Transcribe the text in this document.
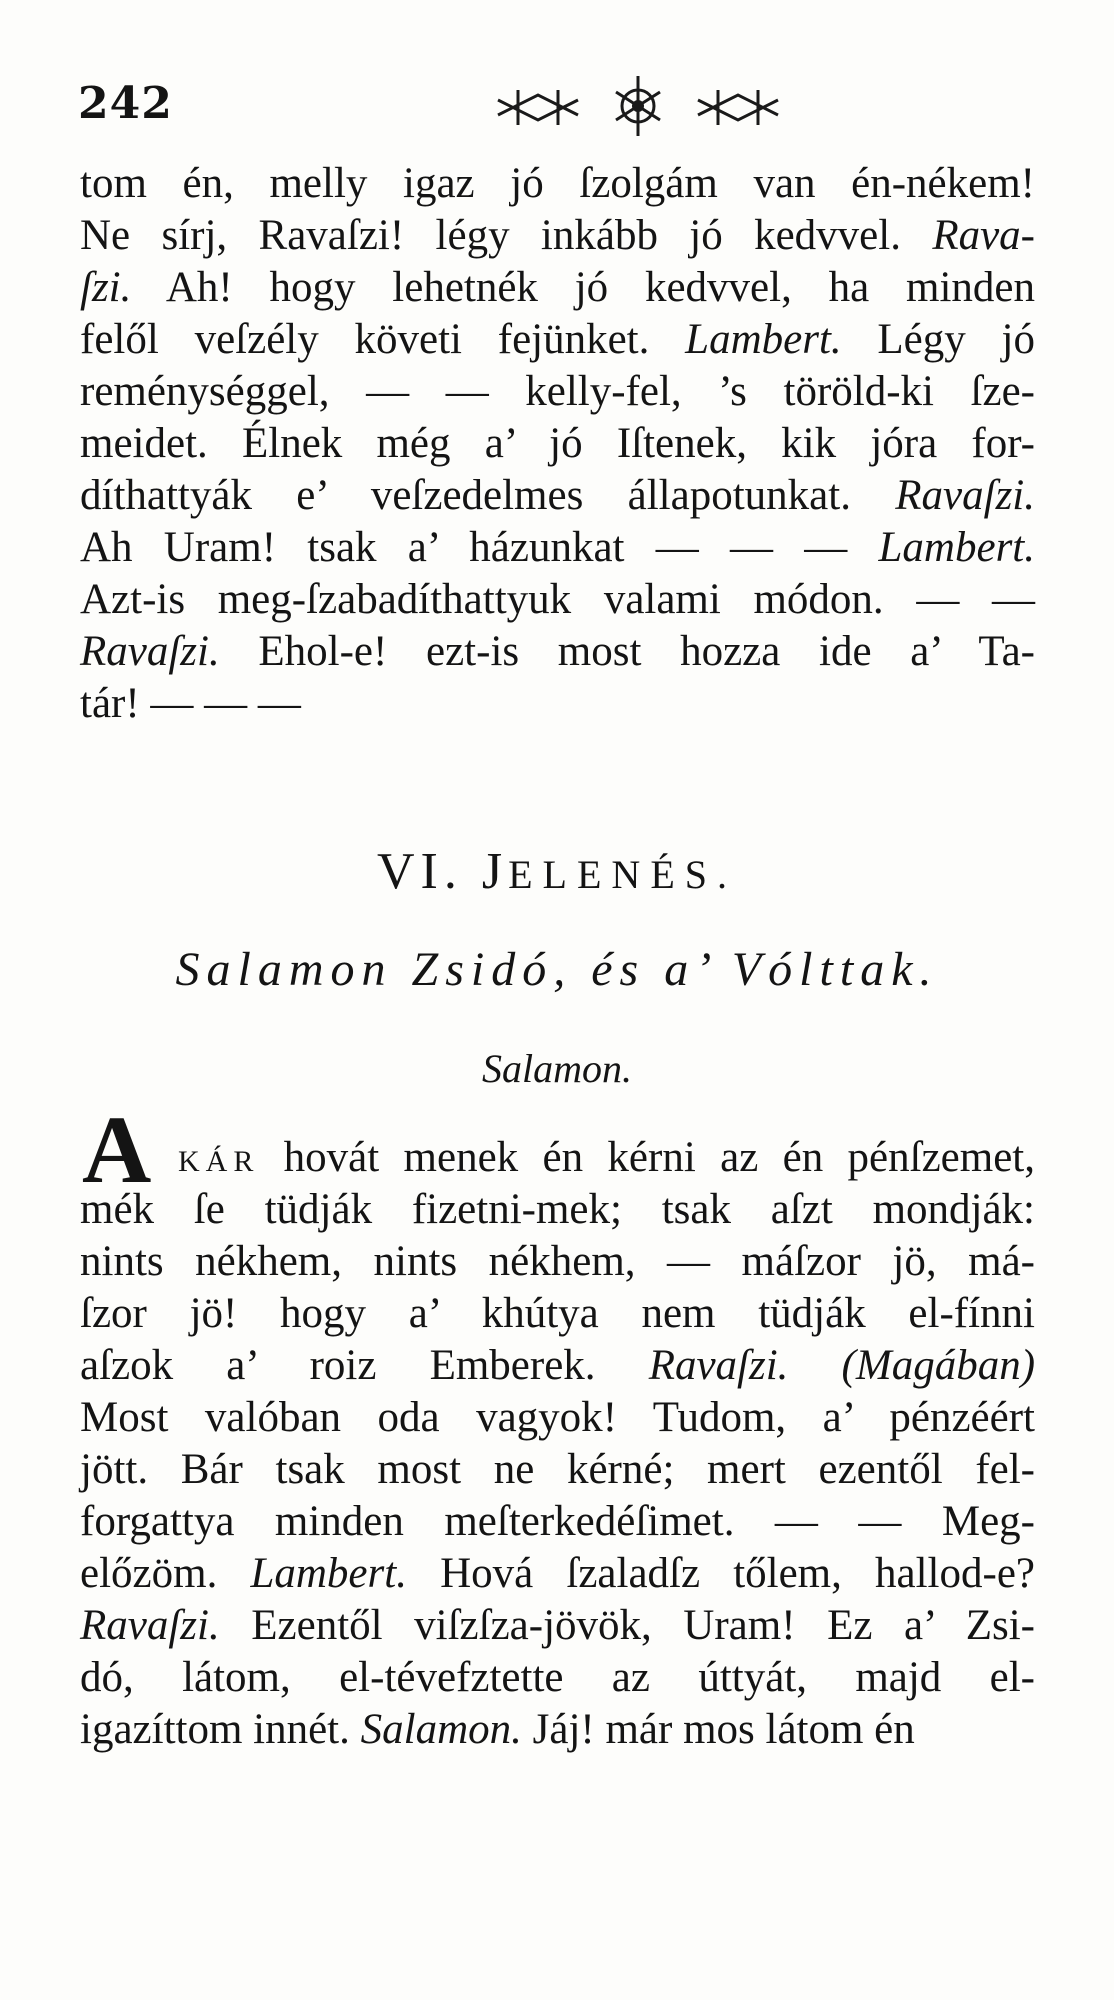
242
tom én, melly igaz jó ſzolgám van én-nékem!
Ne sírj, Ravaſzi! légy inkább jó kedvvel. Rava-
ſzi. Ah! hogy lehetnék jó kedvvel, ha minden
felől veſzély követi fejünket. Lambert. Légy jó
reménységgel, — — kelly-fel, ’s töröld-ki ſze-
meidet. Élnek még a’ jó Iſtenek, kik jóra for-
díthattyák e’ veſzedelmes állapotunkat. Ravaſzi.
Ah Uram! tsak a’ házunkat — — — Lambert.
Azt-is meg-ſzabadíthattyuk valami módon. — —
Ravaſzi. Ehol-e! ezt-is most hozza ide a’ Ta-
tár! — — —
VI. JELENÉS.
Salamon Zsidó, és a’ Vólttak.
Salamon.
A KÁR hovát menek én kérni az én pénſzemet,
mék ſe tüdják fizetni-mek; tsak aſzt mondják:
nints nékhem, nints nékhem, — máſzor jö, má-
ſzor jö! hogy a’ khútya nem tüdják el-fínni
aſzok a’ roiz Emberek. Ravaſzi. (Magában)
Most valóban oda vagyok! Tudom, a’ pénzéért
jött. Bár tsak most ne kérné; mert ezentől fel-
forgattya minden meſterkedéſimet. — — Meg-
előzöm. Lambert. Hová ſzaladſz tőlem, hallod-e?
Ravaſzi. Ezentől viſzſza-jövök, Uram! Ez a’ Zsi-
dó, látom, el-tévefztette az úttyát, majd el-
igazíttom innét. Salamon. Jáj! már mos látom én
